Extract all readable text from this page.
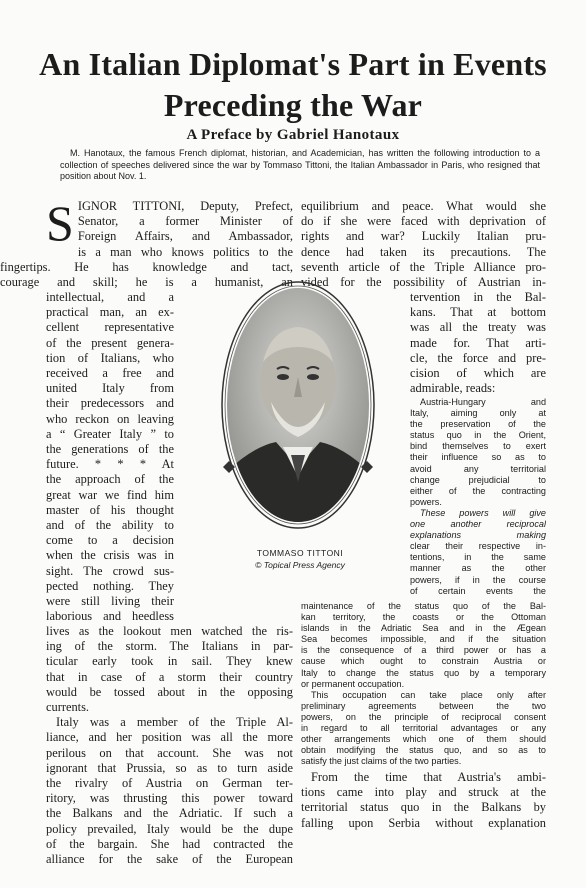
An Italian Diplomat's Part in Events
Preceding the War
A Preface by Gabriel Hanotaux
M. Hanotaux, the famous French diplomat, historian, and Academician, has written the following introduction to a collection of speeches delivered since the war by Tommaso Tittoni, the Italian Ambassador in Paris, who resigned that position about Nov. 1.
S IGNOR TITTONI, Deputy, Prefect,
Senator, a former Minister of
Foreign Affairs, and Ambassador,
is a man who knows politics to the
fingertips. He has knowledge and tact,
courage and skill; he is a humanist, an
intellectual, and a
practical man, an ex-
cellent representative
of the present genera-
tion of Italians, who
received a free and
united Italy from
their predecessors and
who reckon on leaving
a “ Greater Italy ” to
the generations of the
future. * * * At
the approach of the
great war we find him
master of his thought
and of the ability to
come to a decision
when the crisis was in
sight. The crowd sus-
pected nothing. They
were still living their
laborious and heedless
lives as the lookout men watched the ris-
ing of the storm. The Italians in par-
ticular early took in sail. They knew
that in case of a storm their country
would be tossed about in the opposing
currents.
Italy was a member of the Triple Al-
liance, and her position was all the more
perilous on that account. She was not
ignorant that Prussia, so as to turn aside
the rivalry of Austria on German ter-
ritory, was thrusting this power toward
the Balkans and the Adriatic. If such a
policy prevailed, Italy would be the dupe
of the bargain. She had contracted the
alliance for the sake of the European
equilibrium and peace. What would she
do if she were faced with deprivation of
rights and war? Luckily Italian pru-
dence had taken its precautions. The
seventh article of the Triple Alliance pro-
vided for the possibility of Austrian in-
tervention in the Bal-
kans. That at bottom
was all the treaty was
made for. That arti-
cle, the force and pre-
cision of which are
admirable, reads:
Austria-Hungary and
Italy, aiming only at
the preservation of the
status quo in the Orient,
bind themselves to exert
their influence so as to
avoid any territorial
change prejudicial to
either of the contracting
powers.
These powers will give
one another reciprocal
explanations making
clear their respective in-
tentions, in the same
manner as the other
powers, if in the course
of certain events the
maintenance of the status quo of the Bal-
kan territory, the coasts or the Ottoman
islands in the Adriatic Sea and in the Ægean
Sea becomes impossible, and if the situation
is the consequence of a third power or has a
cause which ought to constrain Austria or
Italy to change the status quo by a temporary
or permanent occupation.
This occupation can take place only after
preliminary agreements between the two
powers, on the principle of reciprocal consent
in regard to all territorial advantages or any
other arrangements which one of them should
obtain modifying the status quo, and so as to
satisfy the just claims of the two parties.
From the time that Austria's ambi-
tions came into play and struck at the
territorial status quo in the Balkans by
falling upon Serbia without explanation
TOMMASO TITTONI
© Topical Press Agency
